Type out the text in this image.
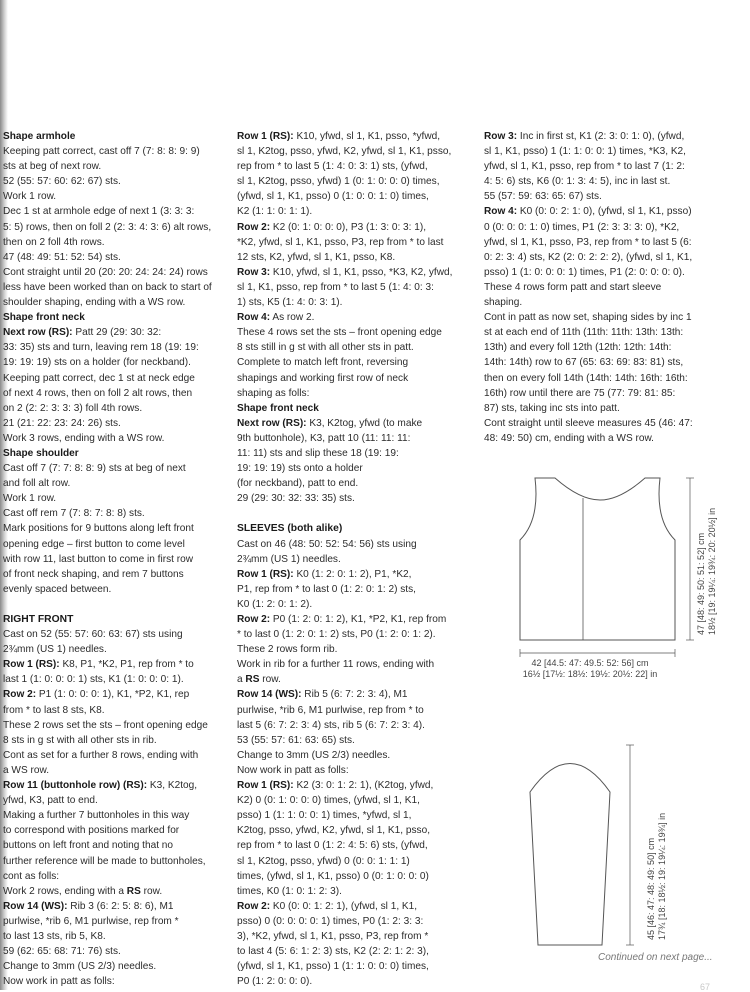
Shape armhole

Keeping patt correct, cast off 7 (7: 8: 8: 9: 9)

sts at beg of next row.

52 (55: 57: 60: 62: 67) sts.

Work 1 row.

Dec 1 st at armhole edge of next 1 (3: 3: 3:

5: 5) rows, then on foll 2 (2: 3: 4: 3: 6) alt rows,

then on 2 foll 4th rows.

47 (48: 49: 51: 52: 54) sts.

Cont straight until 20 (20: 20: 24: 24: 24) rows

less have been worked than on back to start of

shoulder shaping, ending with a WS row.

Shape front neck

Next row (RS): Patt 29 (29: 30: 32:

33: 35) sts and turn, leaving rem 18 (19: 19:

19: 19: 19) sts on a holder (for neckband).

Keeping patt correct, dec 1 st at neck edge

of next 4 rows, then on foll 2 alt rows, then

on 2 (2: 2: 3: 3: 3) foll 4th rows.

21 (21: 22: 23: 24: 26) sts.

Work 3 rows, ending with a WS row.

Shape shoulder

Cast off 7 (7: 7: 8: 8: 9) sts at beg of next

and foll alt row.

Work 1 row.

Cast off rem 7 (7: 8: 7: 8: 8) sts.

Mark positions for 9 buttons along left front

opening edge – first button to come level

with row 11, last button to come in first row

of front neck shaping, and rem 7 buttons

evenly spaced between.

RIGHT FRONT

Cast on 52 (55: 57: 60: 63: 67) sts using

2¾mm (US 1) needles.

Row 1 (RS): K8, P1, *K2, P1, rep from * to

last 1 (1: 0: 0: 0: 1) sts, K1 (1: 0: 0: 0: 1).

Row 2: P1 (1: 0: 0: 0: 1), K1, *P2, K1, rep

from * to last 8 sts, K8.

These 2 rows set the sts – front opening edge

8 sts in g st with all other sts in rib.

Cont as set for a further 8 rows, ending with

a WS row.

Row 11 (buttonhole row) (RS): K3, K2tog,

yfwd, K3, patt to end.

Making a further 7 buttonholes in this way

to correspond with positions marked for

buttons on left front and noting that no

further reference will be made to buttonholes,

cont as folls:

Work 2 rows, ending with a RS row.

Row 14 (WS): Rib 3 (6: 2: 5: 8: 6), M1

purlwise, *rib 6, M1 purlwise, rep from *

to last 13 sts, rib 5, K8.

59 (62: 65: 68: 71: 76) sts.

Change to 3mm (US 2/3) needles.

Now work in patt as folls:

Row 1 (RS): K10, yfwd, sl 1, K1, psso, *yfwd,

sl 1, K2tog, psso, yfwd, K2, yfwd, sl 1, K1, psso,

rep from * to last 5 (1: 4: 0: 3: 1) sts, (yfwd,

sl 1, K2tog, psso, yfwd) 1 (0: 1: 0: 0: 0) times,

(yfwd, sl 1, K1, psso) 0 (1: 0: 0: 1: 0) times,

K2 (1: 1: 0: 1: 1).

Row 2: K2 (0: 1: 0: 0: 0), P3 (1: 3: 0: 3: 1),

*K2, yfwd, sl 1, K1, psso, P3, rep from * to last

12 sts, K2, yfwd, sl 1, K1, psso, K8.

Row 3: K10, yfwd, sl 1, K1, psso, *K3, K2, yfwd,

sl 1, K1, psso, rep from * to last 5 (1: 4: 0: 3:

1) sts, K5 (1: 4: 0: 3: 1).

Row 4: As row 2.

These 4 rows set the sts – front opening edge

8 sts still in g st with all other sts in patt.

Complete to match left front, reversing

shapings and working first row of neck

shaping as folls:

Shape front neck

Next row (RS): K3, K2tog, yfwd (to make

9th buttonhole), K3, patt 10 (11: 11: 11:

11: 11) sts and slip these 18 (19: 19:

19: 19: 19) sts onto a holder

(for neckband), patt to end.

29 (29: 30: 32: 33: 35) sts.

SLEEVES (both alike)

Cast on 46 (48: 50: 52: 54: 56) sts using

2¾mm (US 1) needles.

Row 1 (RS): K0 (1: 2: 0: 1: 2), P1, *K2,

P1, rep from * to last 0 (1: 2: 0: 1: 2) sts,

K0 (1: 2: 0: 1: 2).

Row 2: P0 (1: 2: 0: 1: 2), K1, *P2, K1, rep from

* to last 0 (1: 2: 0: 1: 2) sts, P0 (1: 2: 0: 1: 2).

These 2 rows form rib.

Work in rib for a further 11 rows, ending with

a RS row.

Row 14 (WS): Rib 5 (6: 7: 2: 3: 4), M1

purlwise, *rib 6, M1 purlwise, rep from * to

last 5 (6: 7: 2: 3: 4) sts, rib 5 (6: 7: 2: 3: 4).

53 (55: 57: 61: 63: 65) sts.

Change to 3mm (US 2/3) needles.

Now work in patt as folls:

Row 1 (RS): K2 (3: 0: 1: 2: 1), (K2tog, yfwd,

K2) 0 (0: 1: 0: 0: 0) times, (yfwd, sl 1, K1,

psso) 1 (1: 1: 0: 0: 1) times, *yfwd, sl 1,

K2tog, psso, yfwd, K2, yfwd, sl 1, K1, psso,

rep from * to last 0 (1: 2: 4: 5: 6) sts, (yfwd,

sl 1, K2tog, psso, yfwd) 0 (0: 0: 1: 1: 1)

times, (yfwd, sl 1, K1, psso) 0 (0: 1: 0: 0: 0)

times, K0 (1: 0: 1: 2: 3).

Row 2: K0 (0: 0: 1: 2: 1), (yfwd, sl 1, K1,

psso) 0 (0: 0: 0: 0: 1) times, P0 (1: 2: 3: 3:

3), *K2, yfwd, sl 1, K1, psso, P3, rep from *

to last 4 (5: 6: 1: 2: 3) sts, K2 (2: 2: 1: 2: 3),

(yfwd, sl 1, K1, psso) 1 (1: 1: 0: 0: 0) times,

P0 (1: 2: 0: 0: 0).

Row 3: Inc in first st, K1 (2: 3: 0: 1: 0), (yfwd,

sl 1, K1, psso) 1 (1: 1: 0: 0: 1) times, *K3, K2,

yfwd, sl 1, K1, psso, rep from * to last 7 (1: 2:

4: 5: 6) sts, K6 (0: 1: 3: 4: 5), inc in last st.

55 (57: 59: 63: 65: 67) sts.

Row 4: K0 (0: 0: 2: 1: 0), (yfwd, sl 1, K1, psso)

0 (0: 0: 0: 1: 0) times, P1 (2: 3: 3: 3: 0), *K2,

yfwd, sl 1, K1, psso, P3, rep from * to last 5 (6:

0: 2: 3: 4) sts, K2 (2: 0: 2: 2: 2), (yfwd, sl 1, K1,

psso) 1 (1: 0: 0: 0: 1) times, P1 (2: 0: 0: 0: 0).

These 4 rows form patt and start sleeve

shaping.

Cont in patt as now set, shaping sides by inc 1

st at each end of 11th (11th: 11th: 13th: 13th:

13th) and every foll 12th (12th: 12th: 14th:

14th: 14th) row to 67 (65: 63: 69: 83: 81) sts,

then on every foll 14th (14th: 14th: 16th: 16th:

16th) row until there are 75 (77: 79: 81: 85:

87) sts, taking inc sts into patt.

Cont straight until sleeve measures 45 (46: 47:

48: 49: 50) cm, ending with a WS row.

47 [48: 49: 50: 51: 52] cm 18½ [19: 19¼: 19¾: 20: 20½] in
42 [44.5: 47: 49.5: 52: 56] cm
16½ [17½: 18½: 19½: 20½: 22] in
45 [46: 47: 48: 49: 50] cm 17¾ [18: 18½: 19: 19¼: 19¾] in
Continued on next page...
67
